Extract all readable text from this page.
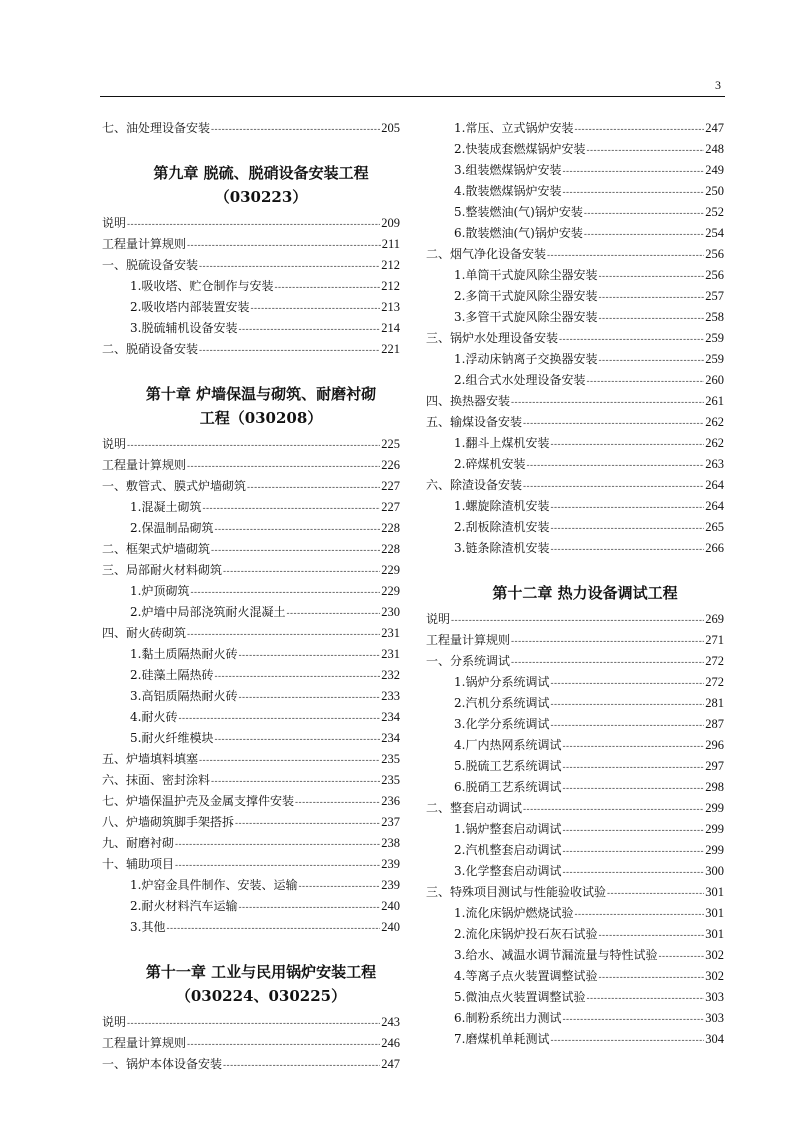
3
七、油处理设备安装 -----	205
第九章 脱硫、脱硝设备安装工程
（030223）
说明 -----	209
工程量计算规则 -----	211
一、脱硫设备安装 -----	212
1.吸收塔、贮仓制作与安装 -----	212
2.吸收塔内部装置安装 -----	213
3.脱硫辅机设备安装 -----	214
二、脱硝设备安装 -----	221
第十章 炉墙保温与砌筑、耐磨衬砌
工程（030208）
说明 -----	225
工程量计算规则 -----	226
一、敷管式、膜式炉墙砌筑 -----	227
1.混凝土砌筑 -----	227
2.保温制品砌筑 -----	228
二、框架式炉墙砌筑 -----	228
三、局部耐火材料砌筑 -----	229
1.炉顶砌筑 -----	229
2.炉墙中局部浇筑耐火混凝土 -----	230
四、耐火砖砌筑 -----	231
1.黏土质隔热耐火砖 -----	231
2.硅藻土隔热砖 -----	232
3.高铝质隔热耐火砖 -----	233
4.耐火砖 -----	234
5.耐火纤维模块 -----	234
五、炉墙填料填塞 -----	235
六、抹面、密封涂料 -----	235
七、炉墙保温护壳及金属支撑件安装 -----	236
八、炉墙砌筑脚手架搭拆 -----	237
九、耐磨衬砌 -----	238
十、辅助项目 -----	239
1.炉窑金具件制作、安装、运输 -----	239
2.耐火材料汽车运输 -----	240
3.其他 -----	240
第十一章 工业与民用锅炉安装工程
（030224、030225）
说明 -----	243
工程量计算规则 -----	246
一、锅炉本体设备安装 -----	247
1.常压、立式锅炉安装 -----	247
2.快装成套燃煤锅炉安装 -----	248
3.组装燃煤锅炉安装 -----	249
4.散装燃煤锅炉安装 -----	250
5.整装燃油(气)锅炉安装 -----	252
6.散装燃油(气)锅炉安装 -----	254
二、烟气净化设备安装 -----	256
1.单筒干式旋风除尘器安装 -----	256
2.多筒干式旋风除尘器安装 -----	257
3.多管干式旋风除尘器安装 -----	258
三、锅炉水处理设备安装 -----	259
1.浮动床钠离子交换器安装 -----	259
2.组合式水处理设备安装 -----	260
四、换热器安装 -----	261
五、输煤设备安装 -----	262
1.翻斗上煤机安装 -----	262
2.碎煤机安装 -----	263
六、除渣设备安装 -----	264
1.螺旋除渣机安装 -----	264
2.刮板除渣机安装 -----	265
3.链条除渣机安装 -----	266
第十二章 热力设备调试工程
说明 -----	269
工程量计算规则 -----	271
一、分系统调试 -----	272
1.锅炉分系统调试 -----	272
2.汽机分系统调试 -----	281
3.化学分系统调试 -----	287
4.厂内热网系统调试 -----	296
5.脱硫工艺系统调试 -----	297
6.脱硝工艺系统调试 -----	298
二、整套启动调试 -----	299
1.锅炉整套启动调试 -----	299
2.汽机整套启动调试 -----	299
3.化学整套启动调试 -----	300
三、特殊项目测试与性能验收试验 -----	301
1.流化床锅炉燃烧试验 -----	301
2.流化床锅炉投石灰石试验 -----	301
3.给水、减温水调节漏流量与特性试验 -----	302
4.等离子点火装置调整试验 -----	302
5.微油点火装置调整试验 -----	303
6.制粉系统出力测试 -----	303
7.磨煤机单耗测试 -----	304
